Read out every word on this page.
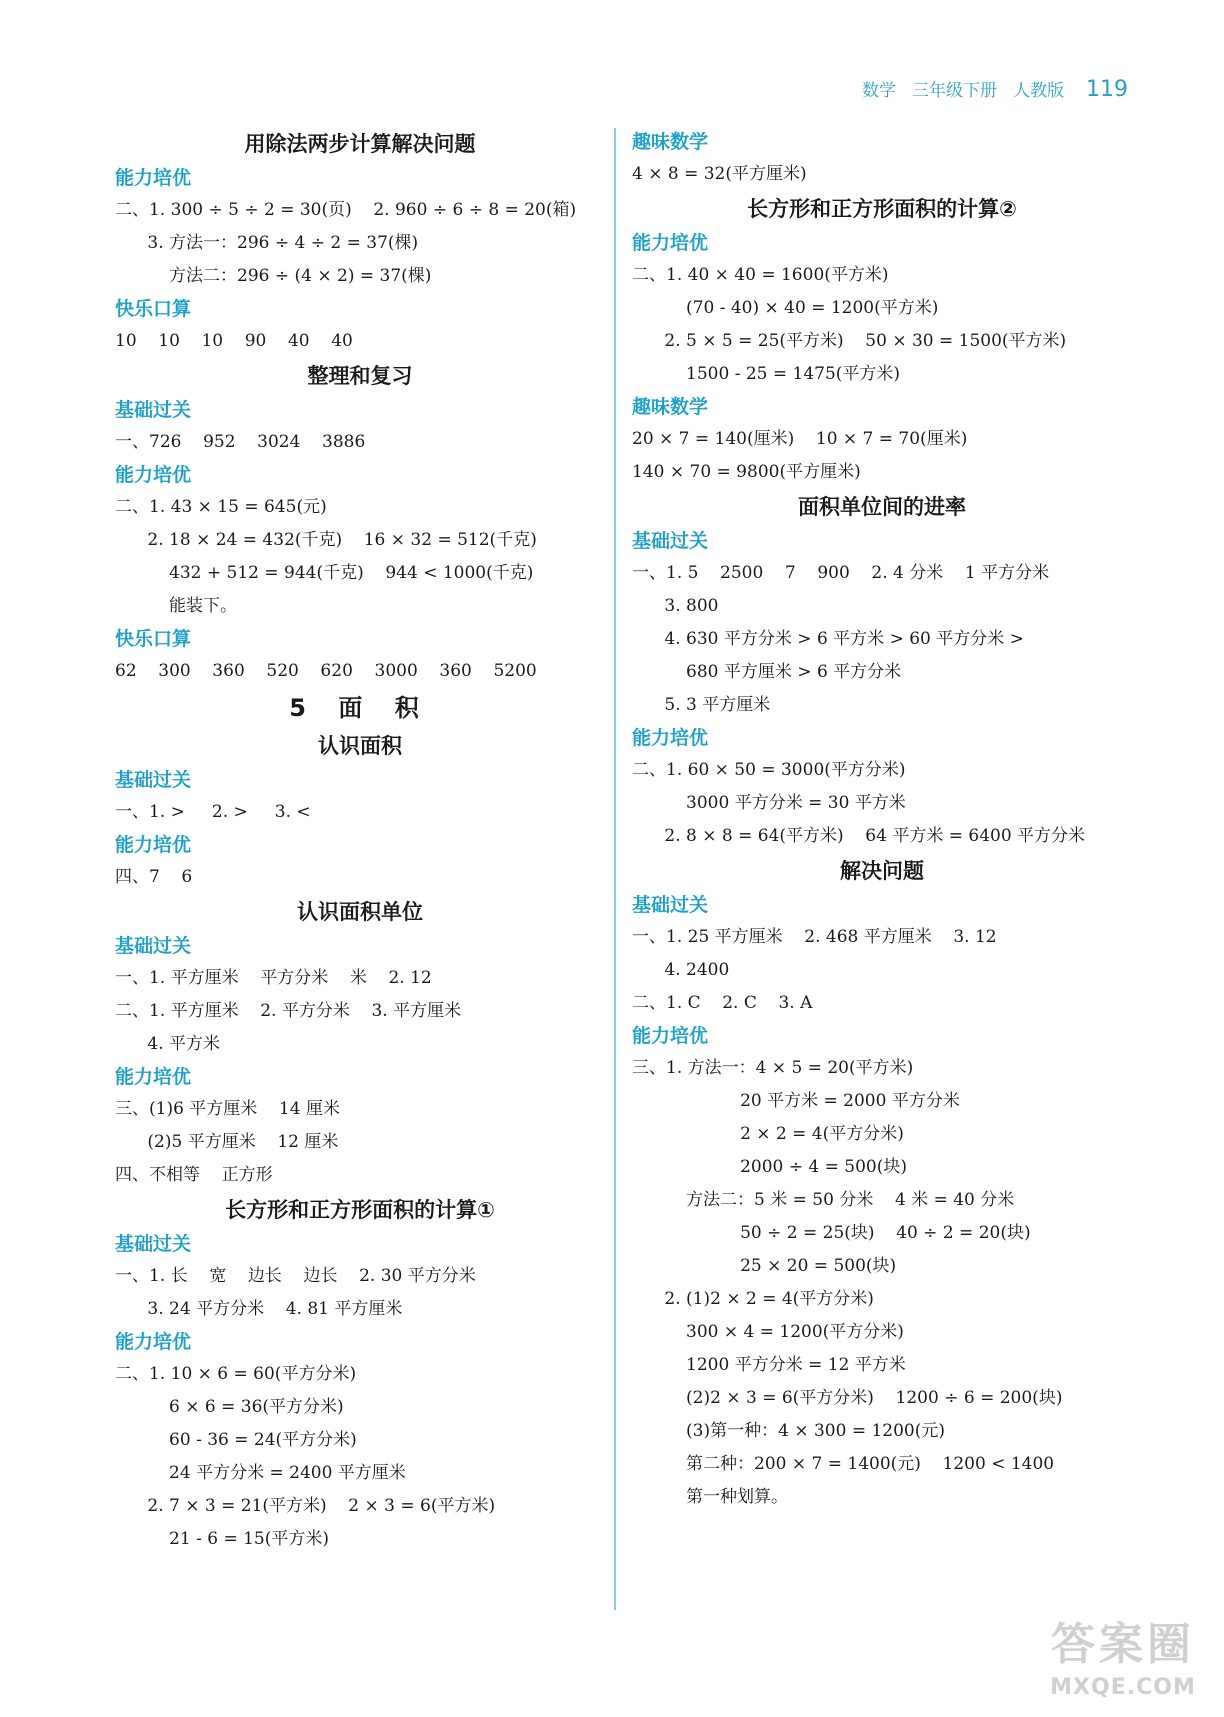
数学 三年级下册 人教版 119
用除法两步计算解决问题
能力培优
二、1. 300 ÷ 5 ÷ 2 = 30(页)    2. 960 ÷ 6 ÷ 8 = 20(箱)
3. 方法一：296 ÷ 4 ÷ 2 = 37(棵)
方法二：296 ÷ (4 × 2) = 37(棵)
快乐口算
10    10    10    90    40    40
整理和复习
基础过关
一、726    952    3024    3886
能力培优
二、1. 43 × 15 = 645(元)
2. 18 × 24 = 432(千克)    16 × 32 = 512(千克)
432 + 512 = 944(千克)    944 < 1000(千克)
能装下。
快乐口算
62    300    360    520    620    3000    360    5200
5 面 积
认识面积
基础过关
一、1. >     2. >     3. <
能力培优
四、7    6
认识面积单位
基础过关
一、1. 平方厘米    平方分米    米    2. 12
二、1. 平方厘米    2. 平方分米    3. 平方厘米
4. 平方米
能力培优
三、(1)6 平方厘米    14 厘米
(2)5 平方厘米    12 厘米
四、不相等    正方形
长方形和正方形面积的计算①
基础过关
一、1. 长    宽    边长    边长    2. 30 平方分米
3. 24 平方分米    4. 81 平方厘米
能力培优
二、1. 10 × 6 = 60(平方分米)
6 × 6 = 36(平方分米)
60 - 36 = 24(平方分米)
24 平方分米 = 2400 平方厘米
2. 7 × 3 = 21(平方米)    2 × 3 = 6(平方米)
21 - 6 = 15(平方米)
趣味数学
4 × 8 = 32(平方厘米)
长方形和正方形面积的计算②
能力培优
二、1. 40 × 40 = 1600(平方米)
(70 - 40) × 40 = 1200(平方米)
2. 5 × 5 = 25(平方米)    50 × 30 = 1500(平方米)
1500 - 25 = 1475(平方米)
趣味数学
20 × 7 = 140(厘米)    10 × 7 = 70(厘米)
140 × 70 = 9800(平方厘米)
面积单位间的进率
基础过关
一、1. 5    2500    7    900    2. 4 分米    1 平方分米
3. 800
4. 630 平方分米 > 6 平方米 > 60 平方分米 >
680 平方厘米 > 6 平方分米
5. 3 平方厘米
能力培优
二、1. 60 × 50 = 3000(平方分米)
3000 平方分米 = 30 平方米
2. 8 × 8 = 64(平方米)    64 平方米 = 6400 平方分米
解决问题
基础过关
一、1. 25 平方厘米    2. 468 平方厘米    3. 12
4. 2400
二、1. C    2. C    3. A
能力培优
三、1. 方法一：4 × 5 = 20(平方米)
20 平方米 = 2000 平方分米
2 × 2 = 4(平方分米)
2000 ÷ 4 = 500(块)
方法二：5 米 = 50 分米    4 米 = 40 分米
50 ÷ 2 = 25(块)    40 ÷ 2 = 20(块)
25 × 20 = 500(块)
2. (1)2 × 2 = 4(平方分米)
300 × 4 = 1200(平方分米)
1200 平方分米 = 12 平方米
(2)2 × 3 = 6(平方分米)    1200 ÷ 6 = 200(块)
(3)第一种：4 × 300 = 1200(元)
第二种：200 × 7 = 1400(元)    1200 < 1400
第一种划算。
答案圈
MXQE.COM
